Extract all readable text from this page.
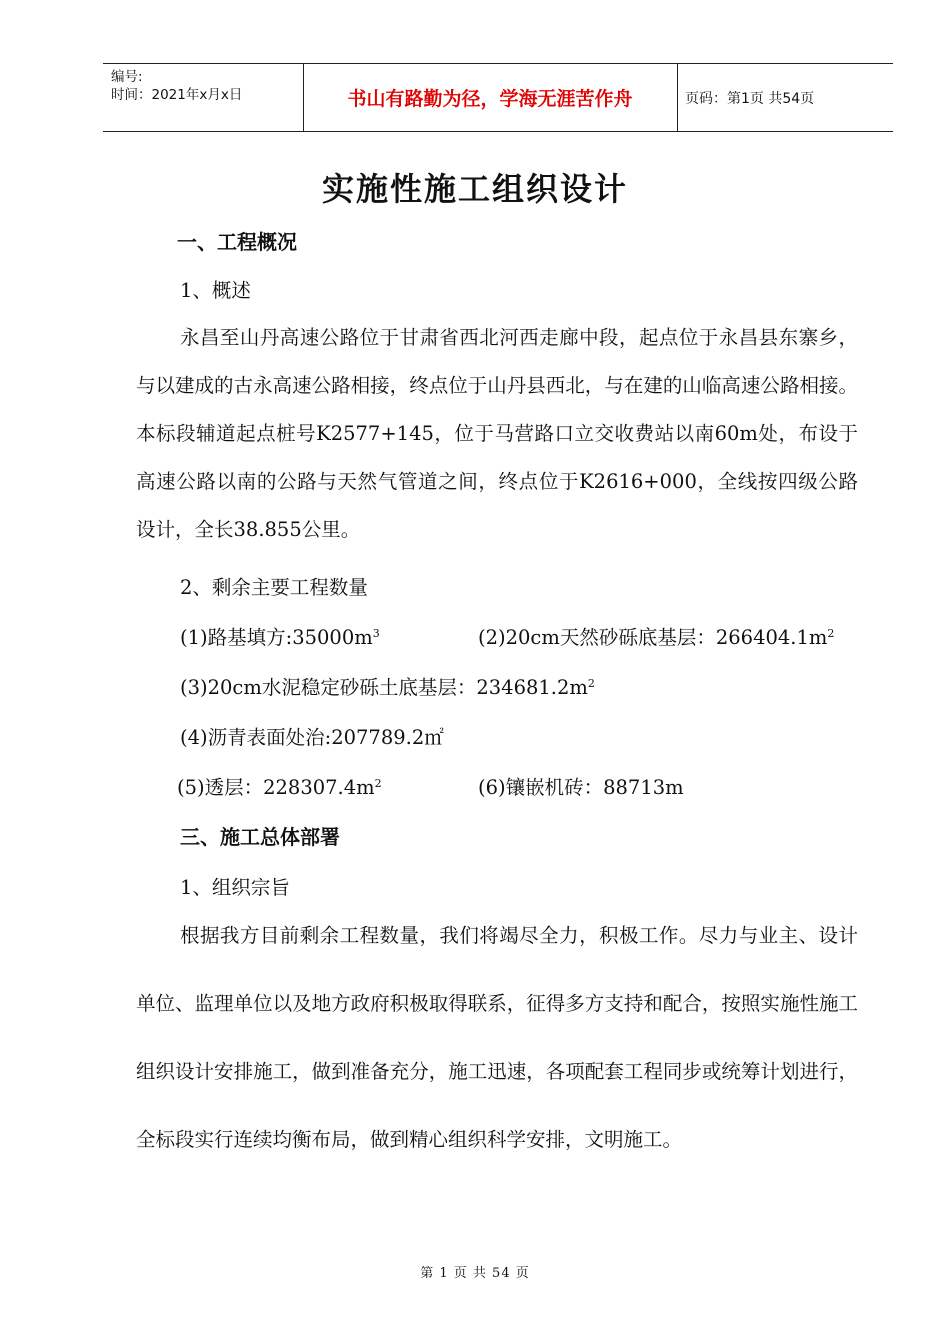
编号:
时间：2021年x月x日	书山有路勤为径，学海无涯苦作舟	页码：第1页 共54页
实施性施工组织设计
一、工程概况
1、概述
永昌至山丹高速公路位于甘肃省西北河西走廊中段，起点位于永昌县东寨乡，与以建成的古永高速公路相接，终点位于山丹县西北，与在建的山临高速公路相接。本标段辅道起点桩号K2577+145，位于马营路口立交收费站以南60m处，布设于高速公路以南的公路与天然气管道之间，终点位于K2616+000，全线按四级公路设计，全长38.855公里。
2、剩余主要工程数量
(1)路基填方$:35000m^3$	(2)20cm天然砂砾底基层：$266404.1m^2$
(3)20cm水泥稳定砂砾土底基层：$234681.2m^2$
(4)沥青表面处治:207789.2㎡
(5)透层：$228307.4m^2$	(6)镶嵌机砖：88713m
三、施工总体部署
1、组织宗旨
根据我方目前剩余工程数量，我们将竭尽全力，积极工作。尽力与业主、设计单位、监理单位以及地方政府积极取得联系，征得多方支持和配合，按照实施性施工组织设计安排施工，做到准备充分，施工迅速，各项配套工程同步或统筹计划进行，全标段实行连续均衡布局，做到精心组织科学安排，文明施工。
第 1 页 共 54 页
